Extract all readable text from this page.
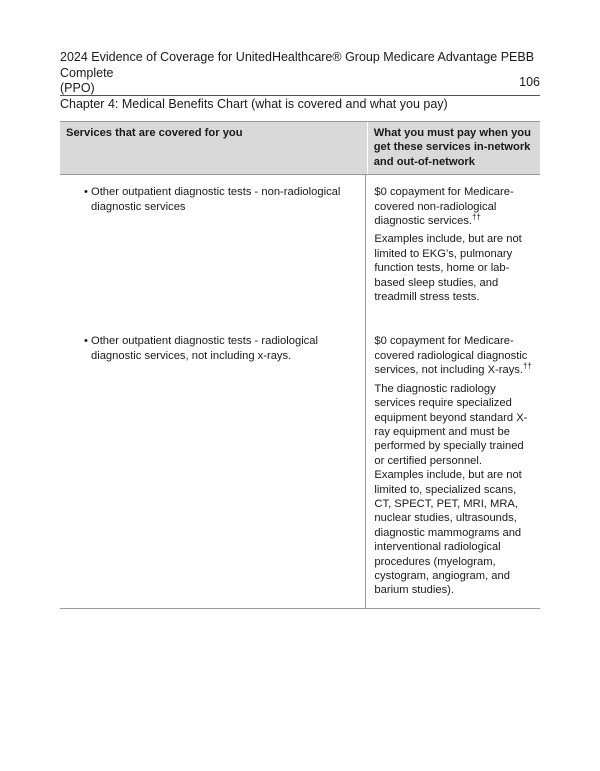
2024 Evidence of Coverage for UnitedHealthcare® Group Medicare Advantage PEBB Complete
(PPO)
Chapter 4: Medical Benefits Chart (what is covered and what you pay)
106
Services that are covered for you	What you must pay when you get these services in-network and out-of-network
• Other outpatient diagnostic tests - non-radiological diagnostic services

$0 copayment for Medicare-covered non-radiological diagnostic services.††

Examples include, but are not limited to EKG’s, pulmonary function tests, home or lab-based sleep studies, and treadmill stress tests.

• Other outpatient diagnostic tests - radiological diagnostic services, not including x-rays.

$0 copayment for Medicare-covered radiological diagnostic services, not including X-rays.††

The diagnostic radiology services require specialized equipment beyond standard X-ray equipment and must be performed by specially trained or certified personnel. Examples include, but are not limited to, specialized scans, CT, SPECT, PET, MRI, MRA, nuclear studies, ultrasounds, diagnostic mammograms and interventional radiological procedures (myelogram, cystogram, angiogram, and barium studies).
